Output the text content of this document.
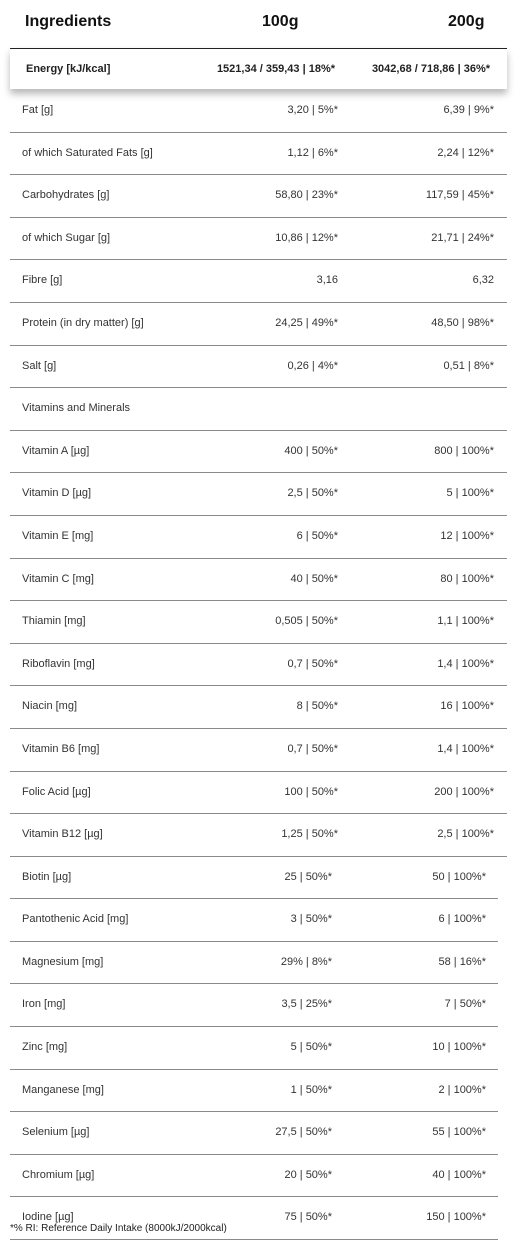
Ingredients	100g	200g
Energy [kJ/kcal]	1521,34 / 359,43 | 18%*	3042,68 / 718,86 | 36%*
Fat [g]	3,20 | 5%*	6,39 | 9%*
of which Saturated Fats [g]	1,12 | 6%*	2,24 | 12%*
Carbohydrates [g]	58,80 | 23%*	117,59 | 45%*
of which Sugar [g]	10,86 | 12%*	21,71 | 24%*
Fibre [g]	3,16	6,32
Protein (in dry matter) [g]	24,25 | 49%*	48,50 | 98%*
Salt [g]	0,26 | 4%*	0,51 | 8%*
Vitamins and Minerals
Vitamin A [µg]	400 | 50%*	800 | 100%*
Vitamin D [µg]	2,5 | 50%*	5 | 100%*
Vitamin E [mg]	6 | 50%*	12 | 100%*
Vitamin C [mg]	40 | 50%*	80 | 100%*
Thiamin [mg]	0,505 | 50%*	1,1 | 100%*
Riboflavin [mg]	0,7 | 50%*	1,4 | 100%*
Niacin [mg]	8 | 50%*	16 | 100%*
Vitamin B6 [mg]	0,7 | 50%*	1,4 | 100%*
Folic Acid [µg]	100 | 50%*	200 | 100%*
Vitamin B12 [µg]	1,25 | 50%*	2,5 | 100%*
Biotin [µg]	25 | 50%*	50 | 100%*
Pantothenic Acid [mg]	3 | 50%*	6 | 100%*
Magnesium [mg]	29% | 8%*	58 | 16%*
Iron [mg]	3,5 | 25%*	7 | 50%*
Zinc [mg]	5 | 50%*	10 | 100%*
Manganese [mg]	1 | 50%*	2 | 100%*
Selenium [µg]	27,5 | 50%*	55 | 100%*
Chromium [µg]	20 | 50%*	40 | 100%*
Iodine [µg]	75 | 50%*	150 | 100%*
*% RI: Reference Daily Intake (8000kJ/2000kcal)
